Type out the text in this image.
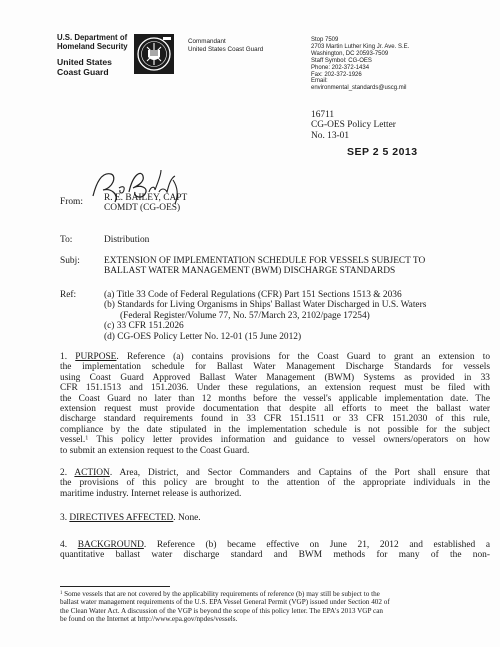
U.S. Department of
Homeland Security
United States
Coast Guard
Commandant
United States Coast Guard
Stop 7509
2703 Martin Luther King Jr. Ave. S.E.
Washington, DC 20593-7509
Staff Symbol: CG-OES
Phone: 202-372-1434
Fax: 202-372-1926
Email:
environmental_standards@uscg.mil
16711
CG-OES Policy Letter
No. 13-01
SEP 2 5 2013
From: R. E. BAILEY, CAPT
COMDT (CG-OES)
To:	Distribution
Subj:	EXTENSION OF IMPLEMENTATION SCHEDULE FOR VESSELS SUBJECT TO
BALLAST WATER MANAGEMENT (BWM) DISCHARGE STANDARDS
Ref:	(a) Title 33 Code of Federal Regulations (CFR) Part 151 Sections 1513 & 2036
(b) Standards for Living Organisms in Ships' Ballast Water Discharged in U.S. Waters
(Federal Register/Volume 77, No. 57/March 23, 2102/page 17254)
(c) 33 CFR 151.2026
(d) CG-OES Policy Letter No. 12-01 (15 June 2012)
1. PURPOSE. Reference (a) contains provisions for the Coast Guard to grant an extension to
the implementation schedule for Ballast Water Management Discharge Standards for vessels
using Coast Guard Approved Ballast Water Management (BWM) Systems as provided in 33
CFR 151.1513 and 151.2036. Under these regulations, an extension request must be filed with
the Coast Guard no later than 12 months before the vessel's applicable implementation date. The
extension request must provide documentation that despite all efforts to meet the ballast water
discharge standard requirements found in 33 CFR 151.1511 or 33 CFR 151.2030 of this rule,
compliance by the date stipulated in the implementation schedule is not possible for the subject
vessel.$^1$ This policy letter provides information and guidance to vessel owners/operators on how
to submit an extension request to the Coast Guard.
2. ACTION. Area, District, and Sector Commanders and Captains of the Port shall ensure that
the provisions of this policy are brought to the attention of the appropriate individuals in the
maritime industry. Internet release is authorized.
3. DIRECTIVES AFFECTED. None.
4. BACKGROUND. Reference (b) became effective on June 21, 2012 and established a
quantitative ballast water discharge standard and BWM methods for many of the non-
$^1$ Some vessels that are not covered by the applicability requirements of reference (b) may still be subject to the
ballast water management requirements of the U.S. EPA Vessel General Permit (VGP) issued under Section 402 of
the Clean Water Act. A discussion of the VGP is beyond the scope of this policy letter. The EPA's 2013 VGP can
be found on the Internet at http://www.epa.gov/npdes/vessels.
